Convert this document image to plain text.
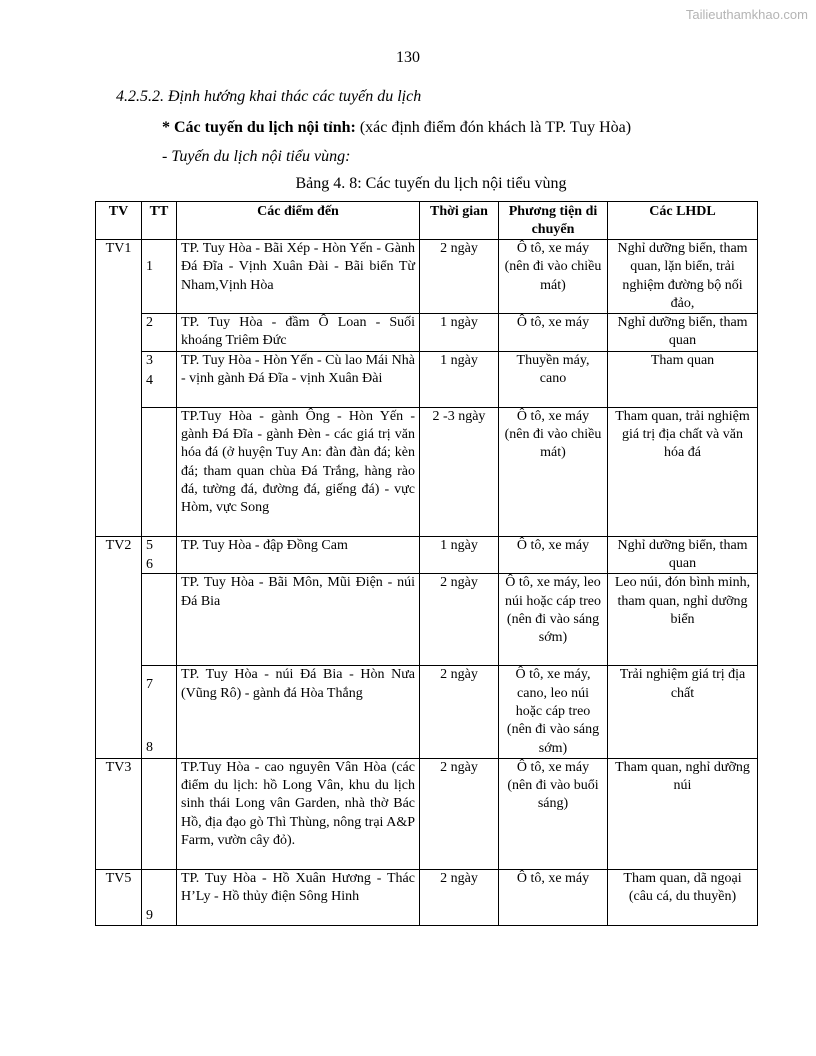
Tailieuthamkhao.com
130
4.2.5.2. Định hướng khai thác các tuyến du lịch
* Các tuyến du lịch nội tỉnh: (xác định điểm đón khách là TP. Tuy Hòa)
- Tuyến du lịch nội tiểu vùng:
Bảng 4. 8: Các tuyến du lịch nội tiểu vùng
TV	TT	Các điểm đến	Thời gian	Phương tiện di chuyển	Các LHDL
TV1	1	TP. Tuy Hòa - Bãi Xép - Hòn Yến - Gành Đá Đĩa - Vịnh Xuân Đài - Bãi biển Từ Nham,Vịnh Hòa	2 ngày	Ô tô, xe máy (nên đi vào chiều mát)	Nghỉ dưỡng biển, tham quan, lặn biển, trải nghiệm đường bộ nối đảo,
	2	TP. Tuy Hòa - đầm Ô Loan - Suối khoáng Triêm Đức	1 ngày	Ô tô, xe máy	Nghỉ dưỡng biển, tham quan
	3	TP. Tuy Hòa - Hòn Yến - Cù lao Mái Nhà - vịnh gành Đá Đĩa - vịnh Xuân Đài	1 ngày	Thuyền máy, cano	Tham quan

	4	TP.Tuy Hòa - gành Ông - Hòn Yến - gành Đá Đĩa - gành Đèn - các giá trị văn hóa đá (ở huyện Tuy An: đàn đàn đá; kèn đá; tham quan chùa Đá Trắng, hàng rào đá, tường đá, đường đá, giếng đá) - vực Hòm, vực Song	2 -3 ngày	Ô tô, xe máy (nên đi vào chiều mát)	Tham quan, trải nghiệm giá trị địa chất và văn hóa đá
TV2	5	TP. Tuy Hòa - đập Đồng Cam	1 ngày	Ô tô, xe máy	Nghỉ dưỡng biển, tham quan

	6	TP. Tuy Hòa - Bãi Môn, Mũi Điện - núi Đá Bia	2 ngày	Ô tô, xe máy, leo núi hoặc cáp treo (nên đi vào sáng sớm)	Leo núi, đón bình minh, tham quan, nghỉ dưỡng biển

	7	TP. Tuy Hòa - núi Đá Bia - Hòn Nưa (Vũng Rô) - gành đá Hòa Thắng	2 ngày	Ô tô, xe máy, cano, leo núi hoặc cáp treo (nên đi vào sáng sớm)	Trải nghiệm giá trị địa chất
TV3	8	TP.Tuy Hòa - cao nguyên Vân Hòa (các điểm du lịch: hồ Long Vân, khu du lịch sinh thái Long vân Garden, nhà thờ Bác Hồ, địa đạo gò Thì Thùng, nông trại A&P Farm, vườn cây đỏ).	2 ngày	Ô tô, xe máy (nên đi vào buổi sáng)	Tham quan, nghỉ dưỡng núi
TV5	9	TP. Tuy Hòa - Hồ Xuân Hương - Thác H’Ly - Hồ thủy điện Sông Hinh	2 ngày	Ô tô, xe máy	Tham quan, dã ngoại (câu cá, du thuyền)
